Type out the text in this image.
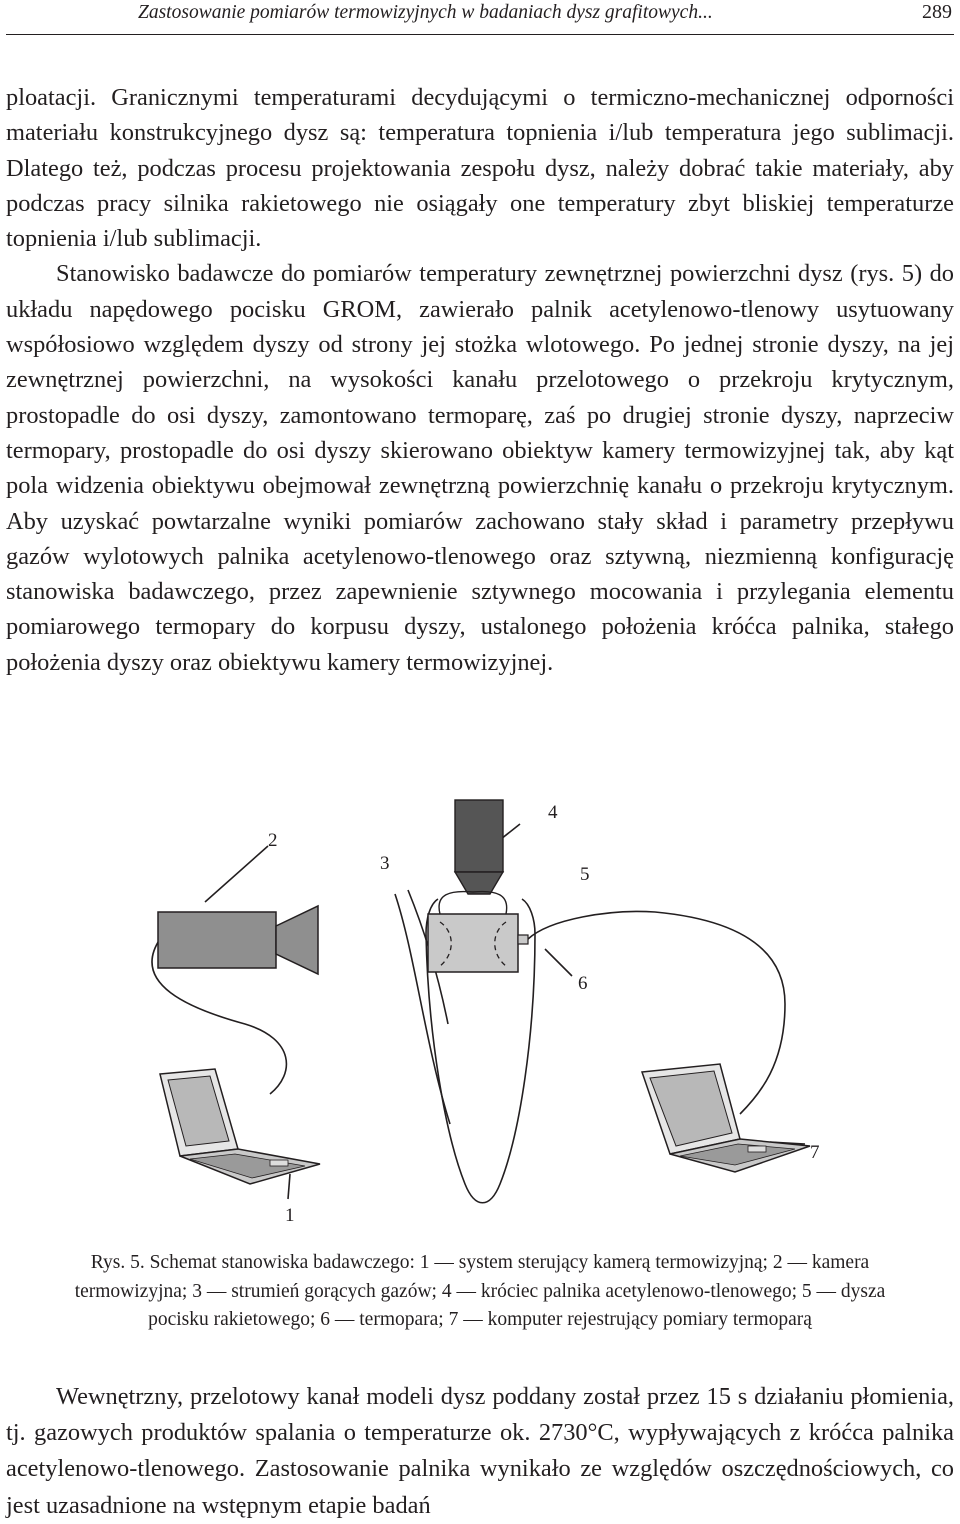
Zastosowanie pomiarów termowizyjnych w badaniach dysz grafitowych...	289

ploatacji. Granicznymi temperaturami decydującymi o termiczno-mechanicznej odporności materiału konstrukcyjnego dysz są: temperatura topnienia i/lub temperatura jego sublimacji. Dlatego też, podczas procesu projektowania zespołu dysz, należy dobrać takie materiały, aby podczas pracy silnika rakietowego nie osiągały one temperatury zbyt bliskiej temperaturze topnienia i/lub sublimacji.

Stanowisko badawcze do pomiarów temperatury zewnętrznej powierzchni dysz (rys. 5) do układu napędowego pocisku GROM, zawierało palnik acetylenowo-tlenowy usytuowany współosiowo względem dyszy od strony jej stożka wlotowego. Po jednej stronie dyszy, na jej zewnętrznej powierzchni, na wysokości kanału przelotowego o przekroju krytycznym, prostopadle do osi dyszy, zamontowano termoparę, zaś po drugiej stronie dyszy, naprzeciw termopary, prostopadle do osi dyszy skierowano obiektyw kamery termowizyjnej tak, aby kąt pola widzenia obiektywu obejmował zewnętrzną powierzchnię kanału o przekroju krytycznym. Aby uzyskać powtarzalne wyniki pomiarów zachowano stały skład i parametry przepływu gazów wylotowych palnika acetylenowo-tlenowego oraz sztywną, niezmienną konfigurację stanowiska badawczego, przez zapewnienie sztywnego mocowania i przylegania elementu pomiarowego termopary do korpusu dyszy, ustalonego położenia króćca palnika, stałego położenia dyszy oraz obiektywu kamery termowizyjnej.

1
2
3
4
5
6
7
Rys. 5. Schemat stanowiska badawczego: 1 — system sterujący kamerą termowizyjną; 2 — kamera
termowizyjna; 3 — strumień gorących gazów; 4 — króciec palnika acetylenowo-tlenowego; 5 — dysza
pocisku rakietowego; 6 — termopara; 7 — komputer rejestrujący pomiary termoparą

Wewnętrzny, przelotowy kanał modeli dysz poddany został przez 15 s działaniu płomienia, tj. gazowych produktów spalania o temperaturze ok. 2730°C, wypływających z króćca palnika acetylenowo-tlenowego. Zastosowanie palnika wynikało ze względów oszczędnościowych, co jest uzasadnione na wstępnym etapie badań
